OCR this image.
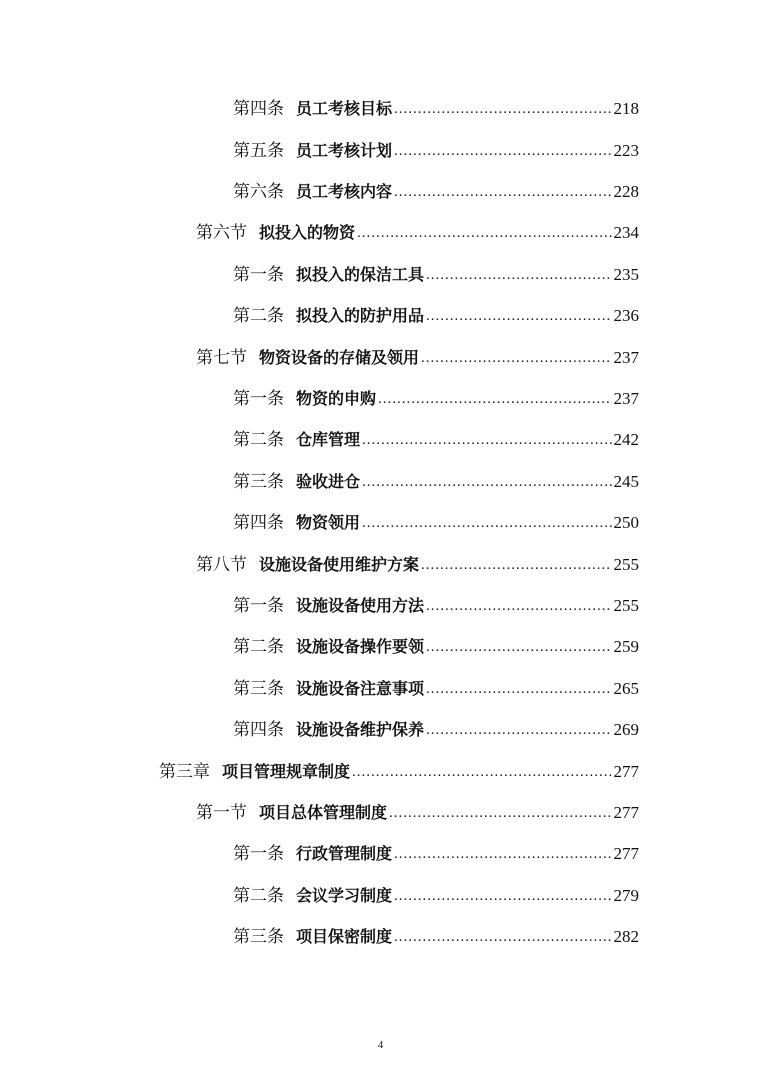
第四条 员工考核目标 .....	218
第五条 员工考核计划 .....	223
第六条 员工考核内容 .....	228
第六节 拟投入的物资 .....	234
第一条 拟投入的保洁工具 .....	235
第二条 拟投入的防护用品 .....	236
第七节 物资设备的存储及领用 .....	237
第一条 物资的申购 .....	237
第二条 仓库管理 .....	242
第三条 验收进仓 .....	245
第四条 物资领用 .....	250
第八节 设施设备使用维护方案 .....	255
第一条 设施设备使用方法 .....	255
第二条 设施设备操作要领 .....	259
第三条 设施设备注意事项 .....	265
第四条 设施设备维护保养 .....	269
第三章 项目管理规章制度 .....	277
第一节 项目总体管理制度 .....	277
第一条 行政管理制度 .....	277
第二条 会议学习制度 .....	279
第三条 项目保密制度 .....	282
4
